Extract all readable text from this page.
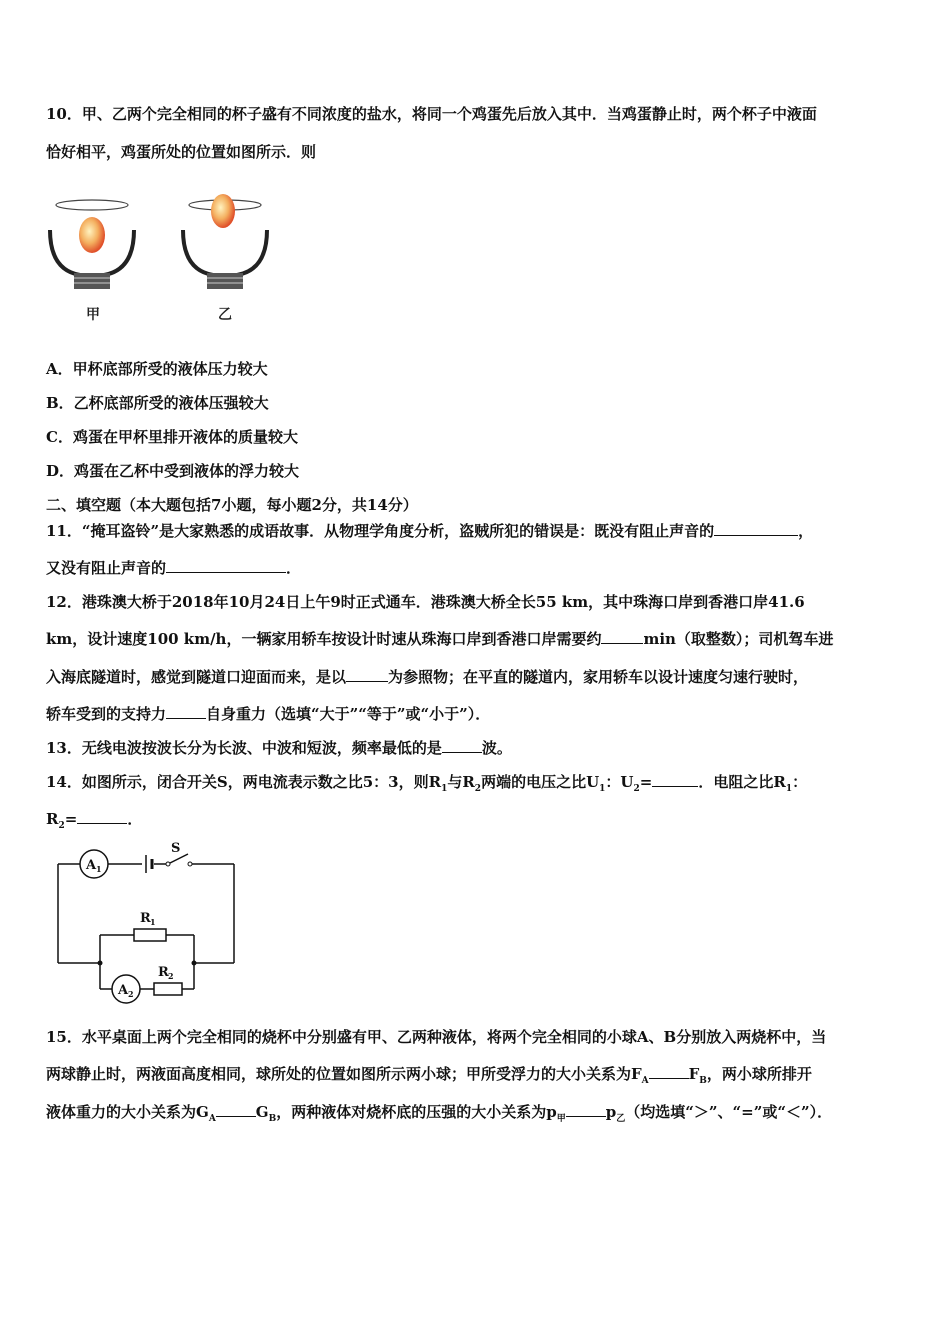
10．甲、乙两个完全相同的杯子盛有不同浓度的盐水，将同一个鸡蛋先后放入其中．当鸡蛋静止时，两个杯子中液面
恰好相平，鸡蛋所处的位置如图所示．则
甲	乙
A．甲杯底部所受的液体压力较大
B．乙杯底部所受的液体压强较大
C．鸡蛋在甲杯里排开液体的质量较大
D．鸡蛋在乙杯中受到液体的浮力较大
二、填空题（本大题包括7小题，每小题2分，共14分）
11．“掩耳盗铃”是大家熟悉的成语故事．从物理学角度分析，盗贼所犯的错误是：既没有阻止声音的	，
又没有阻止声音的	．
12．港珠澳大桥于2018年10月24日上午9时正式通车．港珠澳大桥全长55 km，其中珠海口岸到香港口岸41.6
km，设计速度100 km/h，一辆家用轿车按设计时速从珠海口岸到香港口岸需要约	min（取整数）；司机驾车进
入海底隧道时，感觉到隧道口迎面而来，是以	为参照物；在平直的隧道内，家用轿车以设计速度匀速行驶时，
轿车受到的支持力	自身重力（选填“大于”“等于”或“小于”）．
13．无线电波按波长分为长波、中波和短波，频率最低的是	波。
14．如图所示，闭合开关S，两电流表示数之比5：3，则$R_1$与$R_2$两端的电压之比$U_1$：$U_2=$	．电阻之比$R_1$：
$R_2=$	．
A 1
S
R 1
A 2
R 2
15．水平桌面上两个完全相同的烧杯中分别盛有甲、乙两种液体，将两个完全相同的小球A、B分别放入两烧杯中，当
两球静止时，两液面高度相同，球所处的位置如图所示两小球；甲所受浮力的大小关系为$F_A$	$F_B$，两小球所排开
液体重力的大小关系为$G_A$	$G_B$，两种液体对烧杯底的压强的大小关系为$p_甲$	$p_乙$（均选填“＞”、“=”或“＜”）．
